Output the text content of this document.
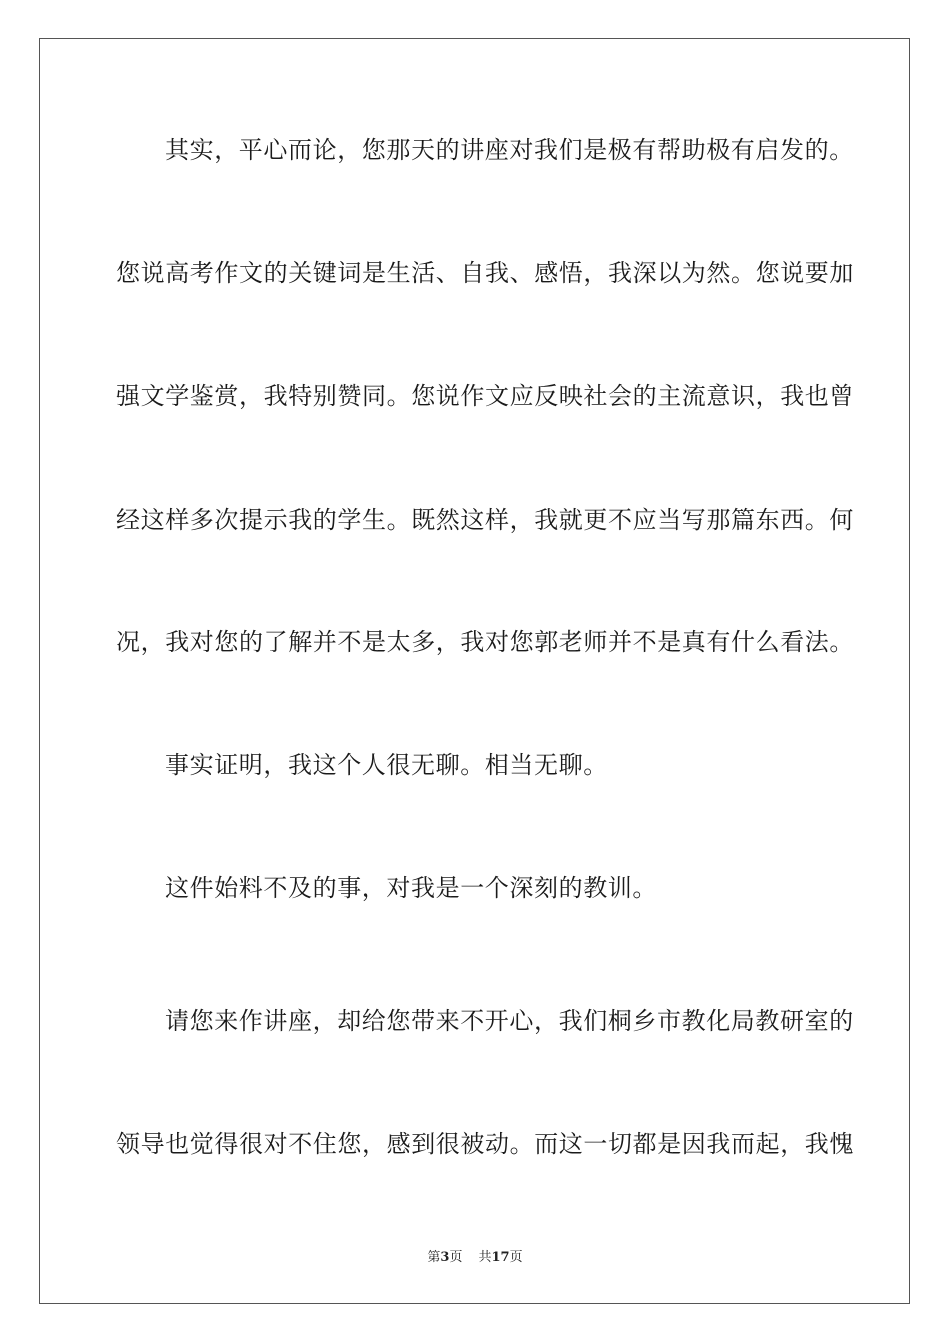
其实，平心而论，您那天的讲座对我们是极有帮助极有启发的。

您说高考作文的关键词是生活、自我、感悟，我深以为然。您说要加

强文学鉴赏，我特别赞同。您说作文应反映社会的主流意识，我也曾

经这样多次提示我的学生。既然这样，我就更不应当写那篇东西。何

况，我对您的了解并不是太多，我对您郭老师并不是真有什么看法。

事实证明，我这个人很无聊。相当无聊。

这件始料不及的事，对我是一个深刻的教训。

请您来作讲座，却给您带来不开心，我们桐乡市教化局教研室的

领导也觉得很对不住您，感到很被动。而这一切都是因我而起，我愧

第3页 共17页
